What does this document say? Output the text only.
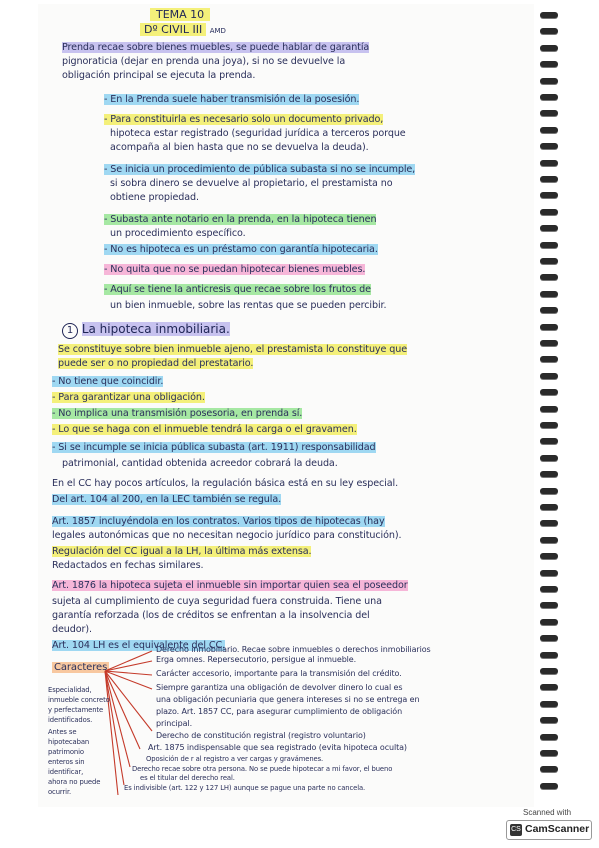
TEMA 10
Dº CIVIL III AMD
Prenda recae sobre bienes muebles, se puede hablar de garantía
pignoraticia (dejar en prenda una joya), si no se devuelve la
obligación principal se ejecuta la prenda.
- En la Prenda suele haber transmisión de la posesión.
- Para constituirla es necesario solo un documento privado,
hipoteca estar registrado (seguridad jurídica a terceros porque
acompaña al bien hasta que no se devuelva la deuda).
- Se inicia un procedimiento de pública subasta si no se incumple,
si sobra dinero se devuelve al propietario, el prestamista no
obtiene propiedad.
- Subasta ante notario en la prenda, en la hipoteca tienen
un procedimiento específico.
- No es hipoteca es un préstamo con garantía hipotecaria.
- No quita que no se puedan hipotecar bienes muebles.
- Aquí se tiene la anticresis que recae sobre los frutos de
un bien inmueble, sobre las rentas que se pueden percibir.
1 La hipoteca inmobiliaria.
Se constituye sobre bien inmueble ajeno, el prestamista lo constituye que
puede ser o no propiedad del prestatario.
- No tiene que coincidir.
- Para garantizar una obligación.
- No implica una transmisión posesoria, en prenda sí.
- Lo que se haga con el inmueble tendrá la carga o el gravamen.
- Si se incumple se inicia pública subasta (art. 1911) responsabilidad
patrimonial, cantidad obtenida acreedor cobrará la deuda.
En el CC hay pocos artículos, la regulación básica está en su ley especial.
Del art. 104 al 200, en la LEC también se regula.
Art. 1857 incluyéndola en los contratos. Varios tipos de hipotecas (hay
legales autonómicas que no necesitan negocio jurídico para constitución).
Regulación del CC igual a la LH, la última más extensa.
Redactados en fechas similares.
Art. 1876 la hipoteca sujeta el inmueble sin importar quien sea el poseedor
sujeta al cumplimiento de cuya seguridad fuera construida. Tiene una
garantía reforzada (los de créditos se enfrentan a la insolvencia del
deudor).
Art. 104 LH es el equivalente del CC.
Caracteres
Derecho inmobiliario. Recae sobre inmuebles o derechos inmobiliarios
Erga omnes. Repersecutorio, persigue al inmueble.
Carácter accesorio, importante para la transmisión del crédito.
Siempre garantiza una obligación de devolver dinero lo cual es
una obligación pecuniaria que genera intereses si no se entrega en
plazo. Art. 1857 CC, para asegurar cumplimiento de obligación
principal.
Derecho de constitución registral (registro voluntario)
Art. 1875 indispensable que sea registrado (evita hipoteca oculta)
Oposición de r al registro a ver cargas y gravámenes.
Derecho recae sobre otra persona. No se puede hipotecar a mi favor, el bueno
es el titular del derecho real.
Es indivisible (art. 122 y 127 LH) aunque se pague una parte no cancela.
Especialidad,
inmueble concreto
y perfectamente
identificados.
Antes se
hipotecaban
patrimonio
enteros sin
identificar,
ahora no puede
ocurrir.
Scanned with
CS CamScanner
